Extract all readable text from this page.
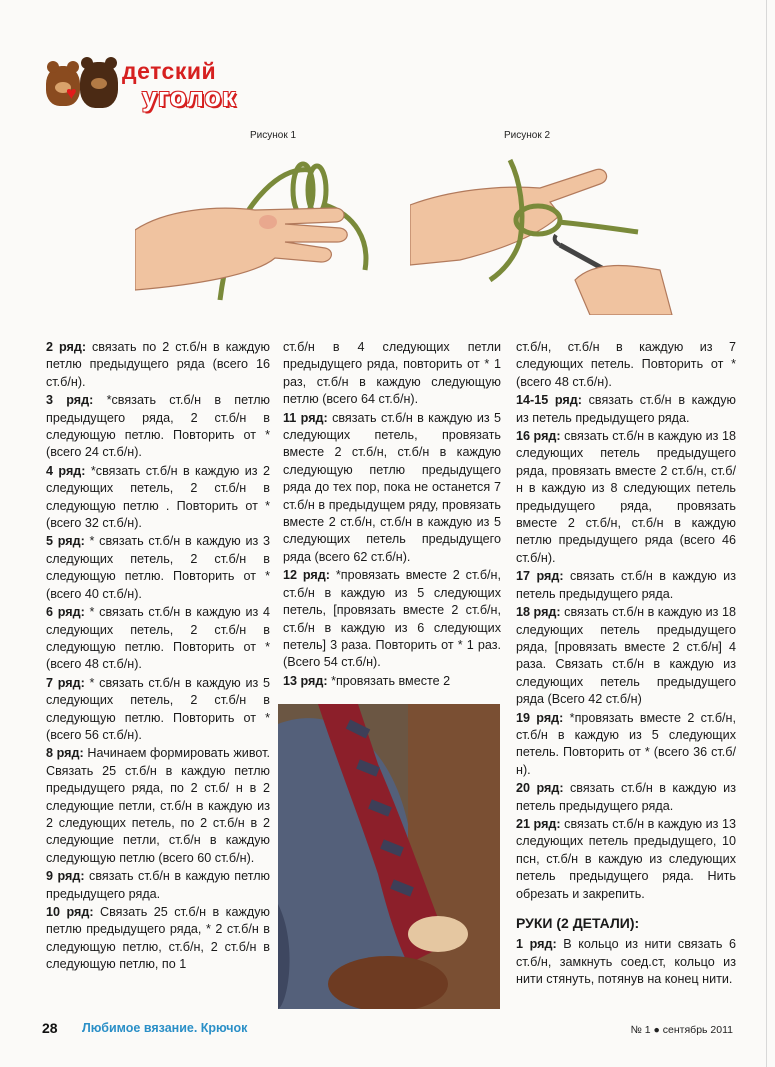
♥
детский
уголок
Рисунок 1	Рисунок 2

2 ряд: связать по 2 ст.б/н в каждую петлю предыдущего ряда (всего 16 ст.б/н).

3 ряд: *связать ст.б/н в петлю предыдущего ряда, 2 ст.б/н в следующую петлю. Повторить от * (всего 24 ст.б/н).

4 ряд: *связать ст.б/н в каждую из 2 следующих петель, 2 ст.б/н в следующую петлю . Повторить от * (всего 32 ст.б/н).

5 ряд: * связать ст.б/н в каждую из 3 следующих петель, 2 ст.б/н в следующую петлю. Повторить от * (всего 40 ст.б/н).

6 ряд: * связать ст.б/н в каждую из 4 следующих петель, 2 ст.б/н в следующую петлю. Повторить от * (всего 48 ст.б/н).

7 ряд: * связать ст.б/н в каждую из 5 следующих петель, 2 ст.б/н в следующую петлю. Повторить от * (всего 56 ст.б/н).

8 ряд: Начинаем формировать живот. Связать 25 ст.б/н в каждую петлю предыдущего ряда, по 2 ст.б/ н в 2 следующие петли, ст.б/н в каждую из 2 следующих петель, по 2 ст.б/н в 2 следующие петли, ст.б/н в каждую следующую петлю (всего 60 ст.б/н).

9 ряд: связать ст.б/н в каждую петлю предыдущего ряда.

10 ряд: Связать 25 ст.б/н в каждую петлю предыдущего ряда, * 2 ст.б/н в следующую петлю, ст.б/н, 2 ст.б/н в следующую петлю, по 1

ст.б/н в 4 следующих петли предыдущего ряда, повторить от * 1 раз, ст.б/н в каждую следующую петлю (всего 64 ст.б/н).

11 ряд: связать ст.б/н в каждую из 5 следующих петель, провязать вместе 2 ст.б/н, ст.б/н в каждую следующую петлю предыдущего ряда до тех пор, пока не останется 7 ст.б/н в предыдущем ряду, провязать вместе 2 ст.б/н, ст.б/н в каждую из 5 следующих петель предыдущего ряда (всего 62 ст.б/н).

12 ряд: *провязать вместе 2 ст.б/н, ст.б/н в каждую из 5 следующих петель, [провязать вместе 2 ст.б/н, ст.б/н в каждую из 6 следующих петель] 3 раза. Повторить от * 1 раз. (Всего 54 ст.б/н).

13 ряд: *провязать вместе 2

ст.б/н, ст.б/н в каждую из 7 следующих петель. Повторить от * (всего 48 ст.б/н).

14-15 ряд: связать ст.б/н в каждую из петель предыдущего ряда.

16 ряд: связать ст.б/н в каждую из 18 следующих петель предыдущего ряда, провязать вместе 2 ст.б/н, ст.б/н в каждую из 8 следующих петель предыдущего ряда, провязать вместе 2 ст.б/н, ст.б/н в каждую петлю предыдущего ряда (всего 46 ст.б/н).

17 ряд: связать ст.б/н в каждую из петель предыдущего ряда.

18 ряд: связать ст.б/н в каждую из 18 следующих петель предыдущего ряда, [провязать вместе 2 ст.б/н] 4 раза. Связать ст.б/н в каждую из следующих петель предыдущего ряда (Всего 42 ст.б/н)

19 ряд: *провязать вместе 2 ст.б/н, ст.б/н в каждую из 5 следующих петель. Повторить от * (всего 36 ст.б/н).

20 ряд: связать ст.б/н в каждую из петель предыдущего ряда.

21 ряд: связать ст.б/н в каждую из 13 следующих петель предыдущего, 10 псн, ст.б/н в каждую из следующих петель предыдущего ряда. Нить обрезать и закрепить.

РУКИ (2 ДЕТАЛИ):

1 ряд: В кольцо из нити связать 6 ст.б/н, замкнуть соед.ст, кольцо из нити стянуть, потянув на конец нити.

28 Любимое вязание. Крючок	№ 1 ● сентябрь 2011
